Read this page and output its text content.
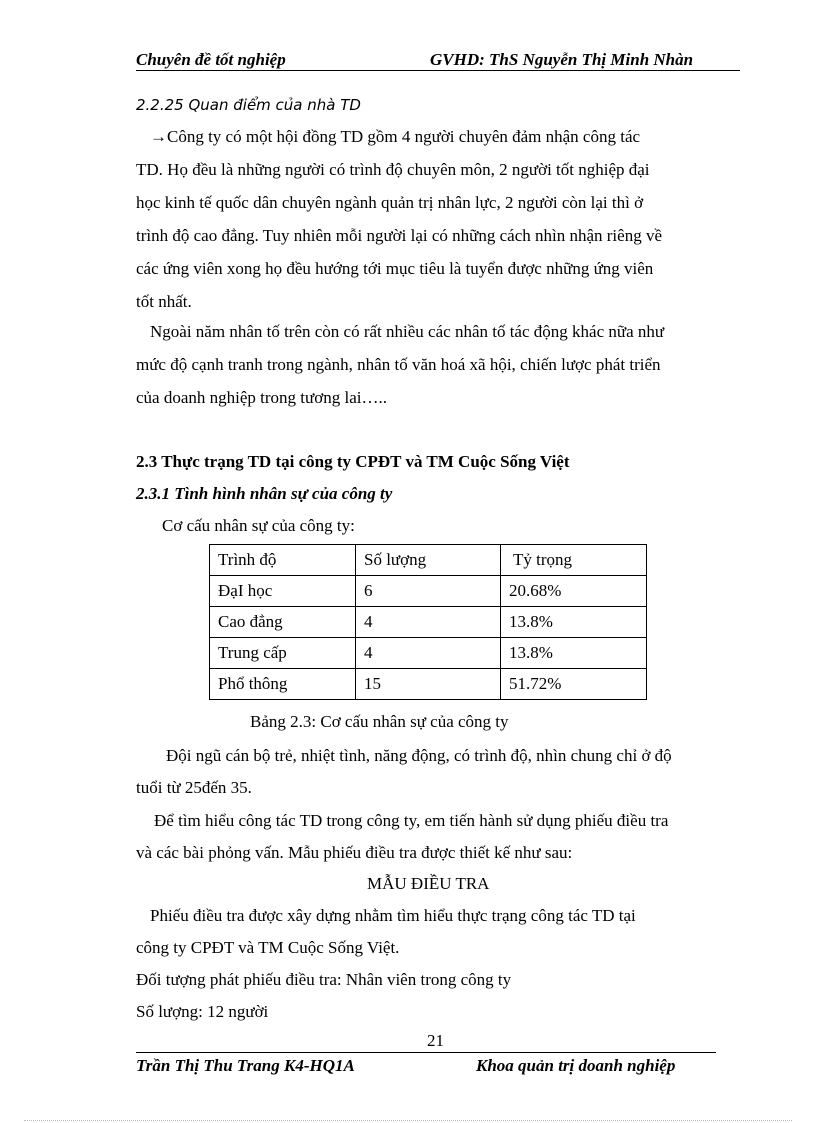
Chuyên đề tốt nghiệp	GVHD: ThS Nguyễn Thị Minh Nhàn
2.2.25 Quan điểm của nhà TD
→Công ty có một hội đồng TD gồm 4 người chuyên đảm nhận công tác
TD. Họ đều là những người có trình độ chuyên môn, 2 người tốt nghiệp đại
học kinh tế quốc dân chuyên ngành quản trị nhân lực, 2 người còn lại thì ở
trình độ cao đẳng. Tuy nhiên mỗi người lại có những cách nhìn nhận riêng về
các ứng viên xong họ đều hướng tới mục tiêu là tuyển được những ứng viên
tốt nhất.
Ngoài năm nhân tố trên còn có rất nhiều các nhân tố tác động khác nữa như
mức độ cạnh tranh trong ngành, nhân tố văn hoá xã hội, chiến lược phát triển
của doanh nghiệp trong tương lai…..
2.3 Thực trạng TD tại công ty CPĐT và TM Cuộc Sống Việt
2.3.1 Tình hình nhân sự của công ty
Cơ cấu nhân sự của công ty:
Trình độ	Số lượng	Tỷ trọng
ĐạI học	6	20.68%
Cao đẳng	4	13.8%
Trung cấp	4	13.8%
Phổ thông	15	51.72%
Bảng 2.3: Cơ cấu nhân sự của công ty
Đội ngũ cán bộ trẻ, nhiệt tình, năng động, có trình độ, nhìn chung chỉ ở độ
tuổi từ 25đến 35.
Để tìm hiểu công tác TD trong công ty, em tiến hành sử dụng phiếu điều tra
và các bài phỏng vấn. Mẫu phiếu điều tra được thiết kế như sau:
MẪU ĐIỀU TRA
Phiếu điều tra được xây dựng nhằm tìm hiểu thực trạng công tác TD tại
công ty CPĐT và TM Cuộc Sống Việt.
Đối tượng phát phiếu điều tra: Nhân viên trong công ty
Số lượng: 12 người
21
Trần Thị Thu Trang K4-HQ1A	Khoa quản trị doanh nghiệp
